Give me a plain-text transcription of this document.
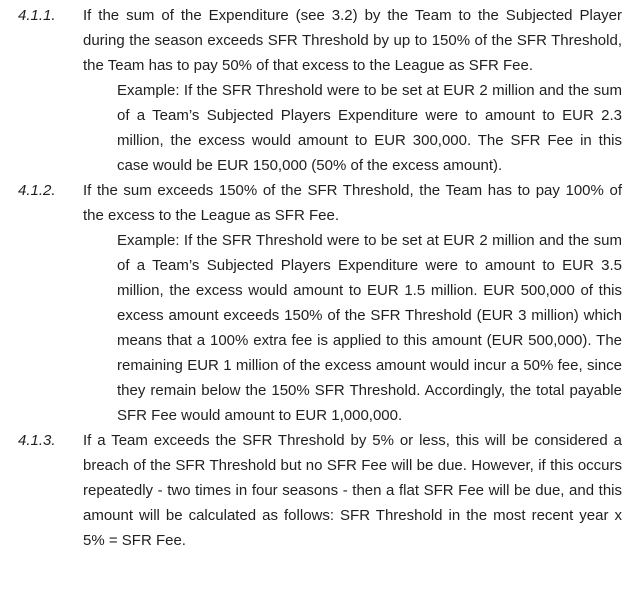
4.1.1.	If the sum of the Expenditure (see 3.2) by the Team to the Subjected Player during the season exceeds SFR Threshold by up to 150% of the SFR Threshold, the Team has to pay 50% of that excess to the League as SFR Fee.
Example: If the SFR Threshold were to be set at EUR 2 million and the sum of a Team’s Subjected Players Expenditure were to amount to EUR 2.3 million, the excess would amount to EUR 300,000. The SFR Fee in this case would be EUR 150,000 (50% of the excess amount).
4.1.2.	If the sum exceeds 150% of the SFR Threshold, the Team has to pay 100% of the excess to the League as SFR Fee.
Example: If the SFR Threshold were to be set at EUR 2 million and the sum of a Team’s Subjected Players Expenditure were to amount to EUR 3.5 million, the excess would amount to EUR 1.5 million. EUR 500,000 of this excess amount exceeds 150% of the SFR Threshold (EUR 3 million) which means that a 100% extra fee is applied to this amount (EUR 500,000). The remaining EUR 1 million of the excess amount would incur a 50% fee, since they remain below the 150% SFR Threshold. Accordingly, the total payable SFR Fee would amount to EUR 1,000,000.
4.1.3.	If a Team exceeds the SFR Threshold by 5% or less, this will be considered a breach of the SFR Threshold but no SFR Fee will be due. However, if this occurs repeatedly - two times in four seasons - then a flat SFR Fee will be due, and this amount will be calculated as follows: SFR Threshold in the most recent year x 5% = SFR Fee.
